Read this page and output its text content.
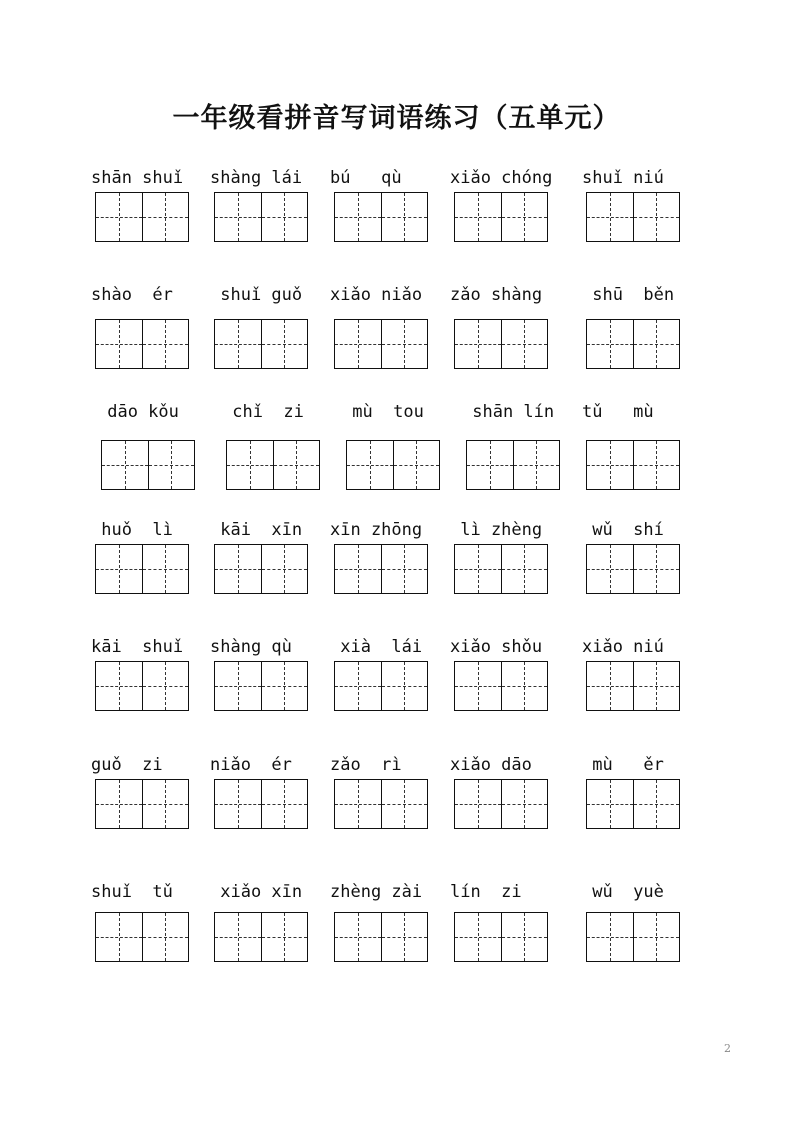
一年级看拼音写词语练习（五单元）
shān shuǐ	shàng lái	bú   qù	xiǎo chóng	shuǐ niú
shào  ér	shuǐ guǒ	xiǎo niǎo	zǎo shàng	shū  běn
dāo kǒu	chǐ  zi	mù  tou	shān lín	tǔ   mù
huǒ  lì	kāi  xīn	xīn zhōng	lì zhèng	wǔ  shí
kāi  shuǐ	shàng qù	xià  lái	xiǎo shǒu	xiǎo niú
guǒ  zi	niǎo  ér	zǎo  rì	xiǎo dāo	mù   ěr
shuǐ  tǔ	xiǎo xīn	zhèng zài	lín  zi	wǔ  yuè
2
